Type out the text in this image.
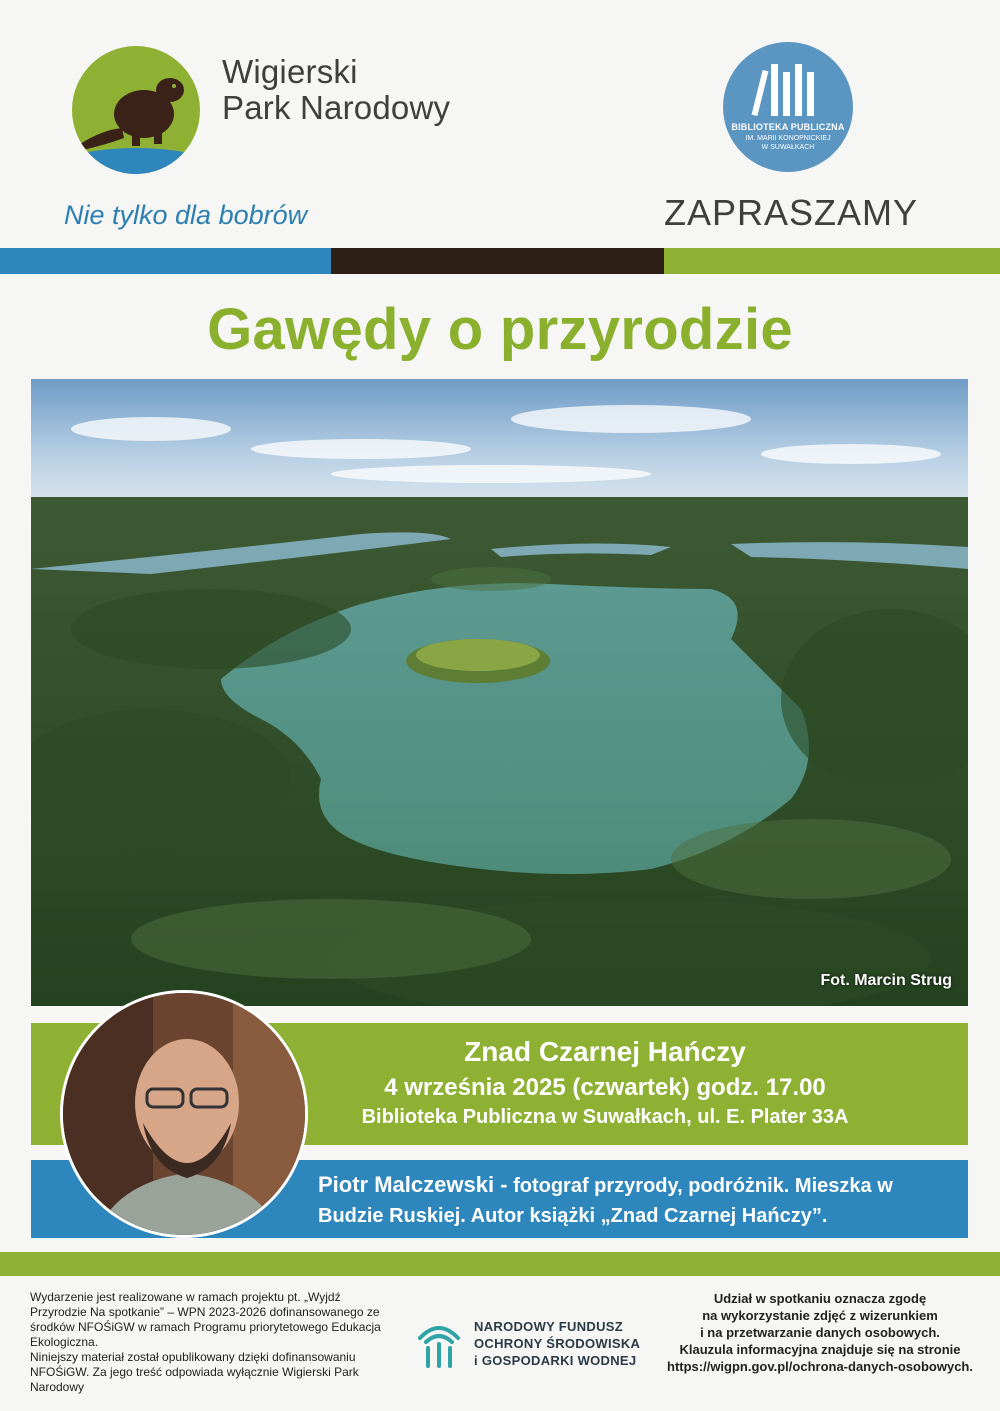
Wigierski
Park Narodowy
Nie tylko dla bobrów
BIBLIOTEKA PUBLICZNA
IM. MARII KONOPNICKIEJ
W SUWAŁKACH
ZAPRASZAMY
Gawędy o przyrodzie
Fot. Marcin Strug
Znad Czarnej Hańczy
4 września 2025 (czwartek) godz. 17.00
Biblioteka Publiczna w Suwałkach, ul. E. Plater 33A
Piotr Malczewski - fotograf przyrody, podróżnik. Mieszka w Budzie Ruskiej. Autor książki „Znad Czarnej Hańczy”.

Wydarzenie jest realizowane w ramach projektu pt. „Wyjdź Przyrodzie Na spotkanie” – WPN 2023-2026 dofinansowanego ze środków NFOŚiGW w ramach Programu priorytetowego Edukacja Ekologiczna.

Niniejszy materiał został opublikowany dzięki dofinansowaniu NFOŚiGW. Za jego treść odpowiada wyłącznie Wigierski Park Narodowy

NARODOWY FUNDUSZ
OCHRONY ŚRODOWISKA
i GOSPODARKI WODNEJ
Udział w spotkaniu oznacza zgodę
na wykorzystanie zdjęć z wizerunkiem
i na przetwarzanie danych osobowych.
Klauzula informacyjna znajduje się na stronie
https://wigpn.gov.pl/ochrona-danych-osobowych.
